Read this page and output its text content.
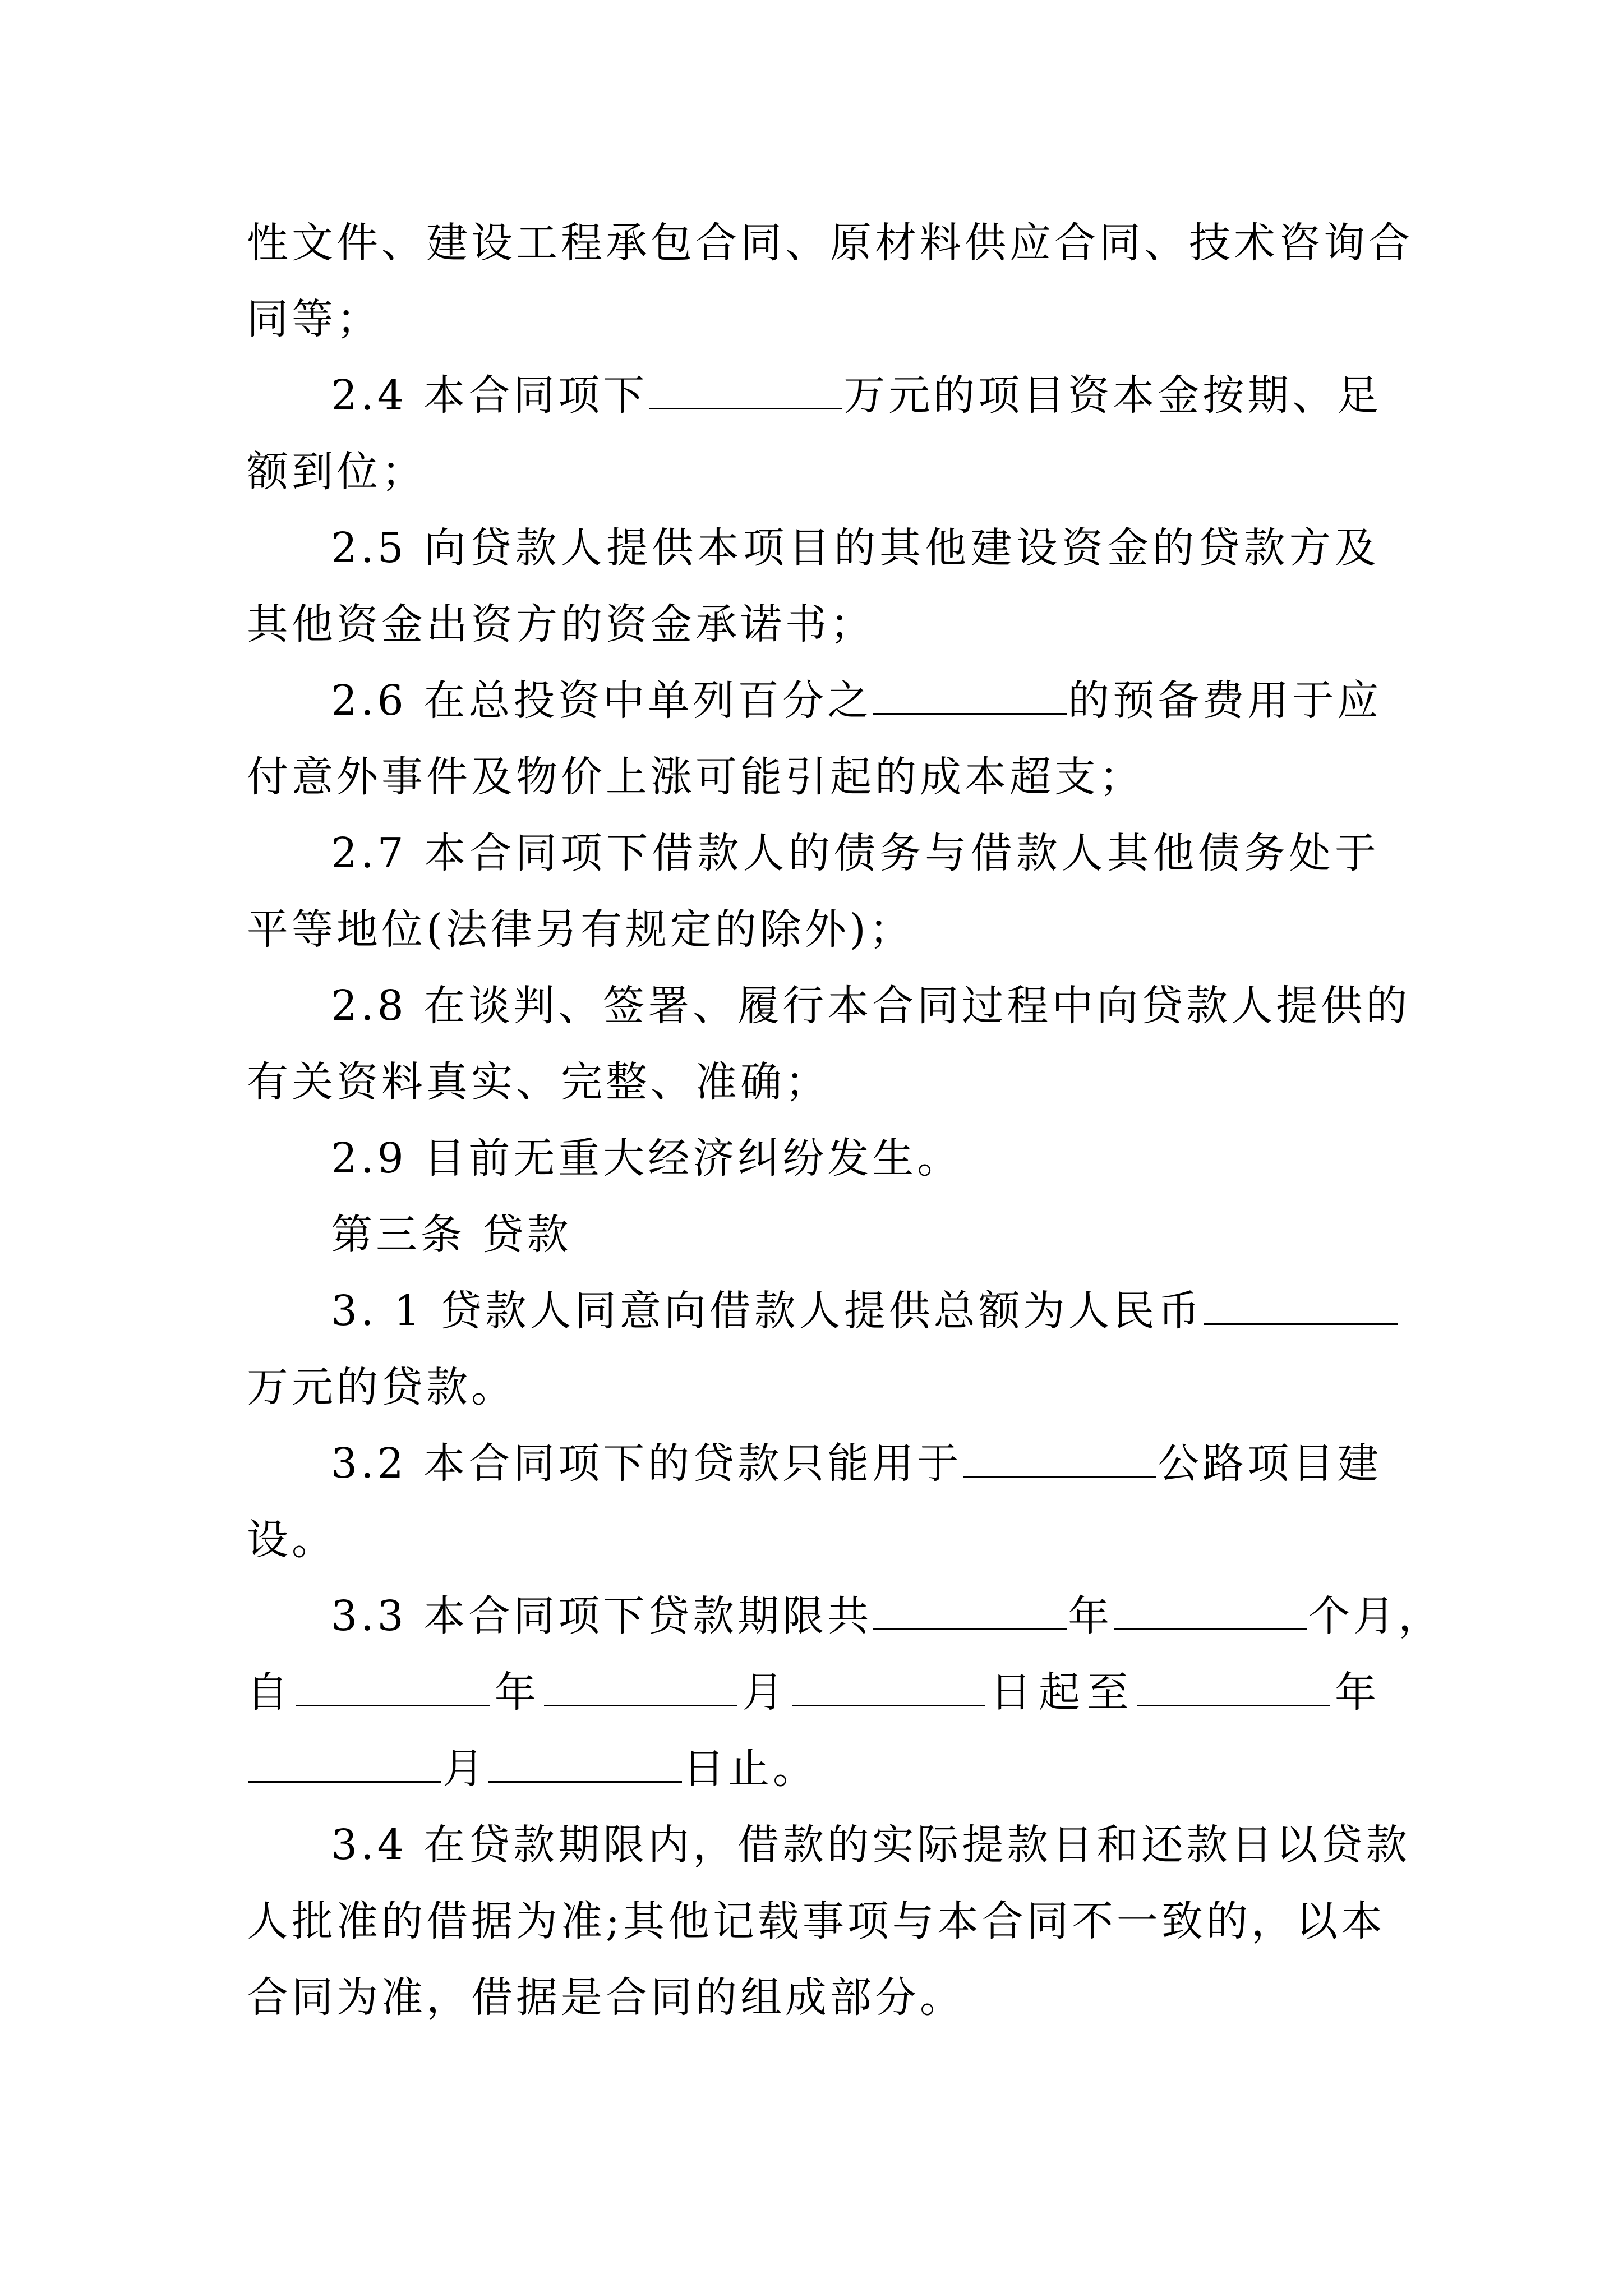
性文件、建设工程承包合同、原材料供应合同、技术咨询合
同等；
2.4 本合同项下	万元的项目资本金按期、足
额到位；
2.5 向贷款人提供本项目的其他建设资金的贷款方及
其他资金出资方的资金承诺书；
2.6 在总投资中单列百分之	的预备费用于应
付意外事件及物价上涨可能引起的成本超支；
2.7 本合同项下借款人的债务与借款人其他债务处于
平等地位(法律另有规定的除外)；
2.8 在谈判、签署、履行本合同过程中向贷款人提供的
有关资料真实、完整、准确；
2.9 目前无重大经济纠纷发生。
第三条 贷款
3. 1 贷款人同意向借款人提供总额为人民币
万元的贷款。
3.2 本合同项下的贷款只能用于	公路项目建
设。
3.3 本合同项下贷款期限共	年	个月，
自	年	月	日起至	年
月	日止。
3.4 在贷款期限内，借款的实际提款日和还款日以贷款
人批准的借据为准;其他记载事项与本合同不一致的，以本
合同为准，借据是合同的组成部分。
